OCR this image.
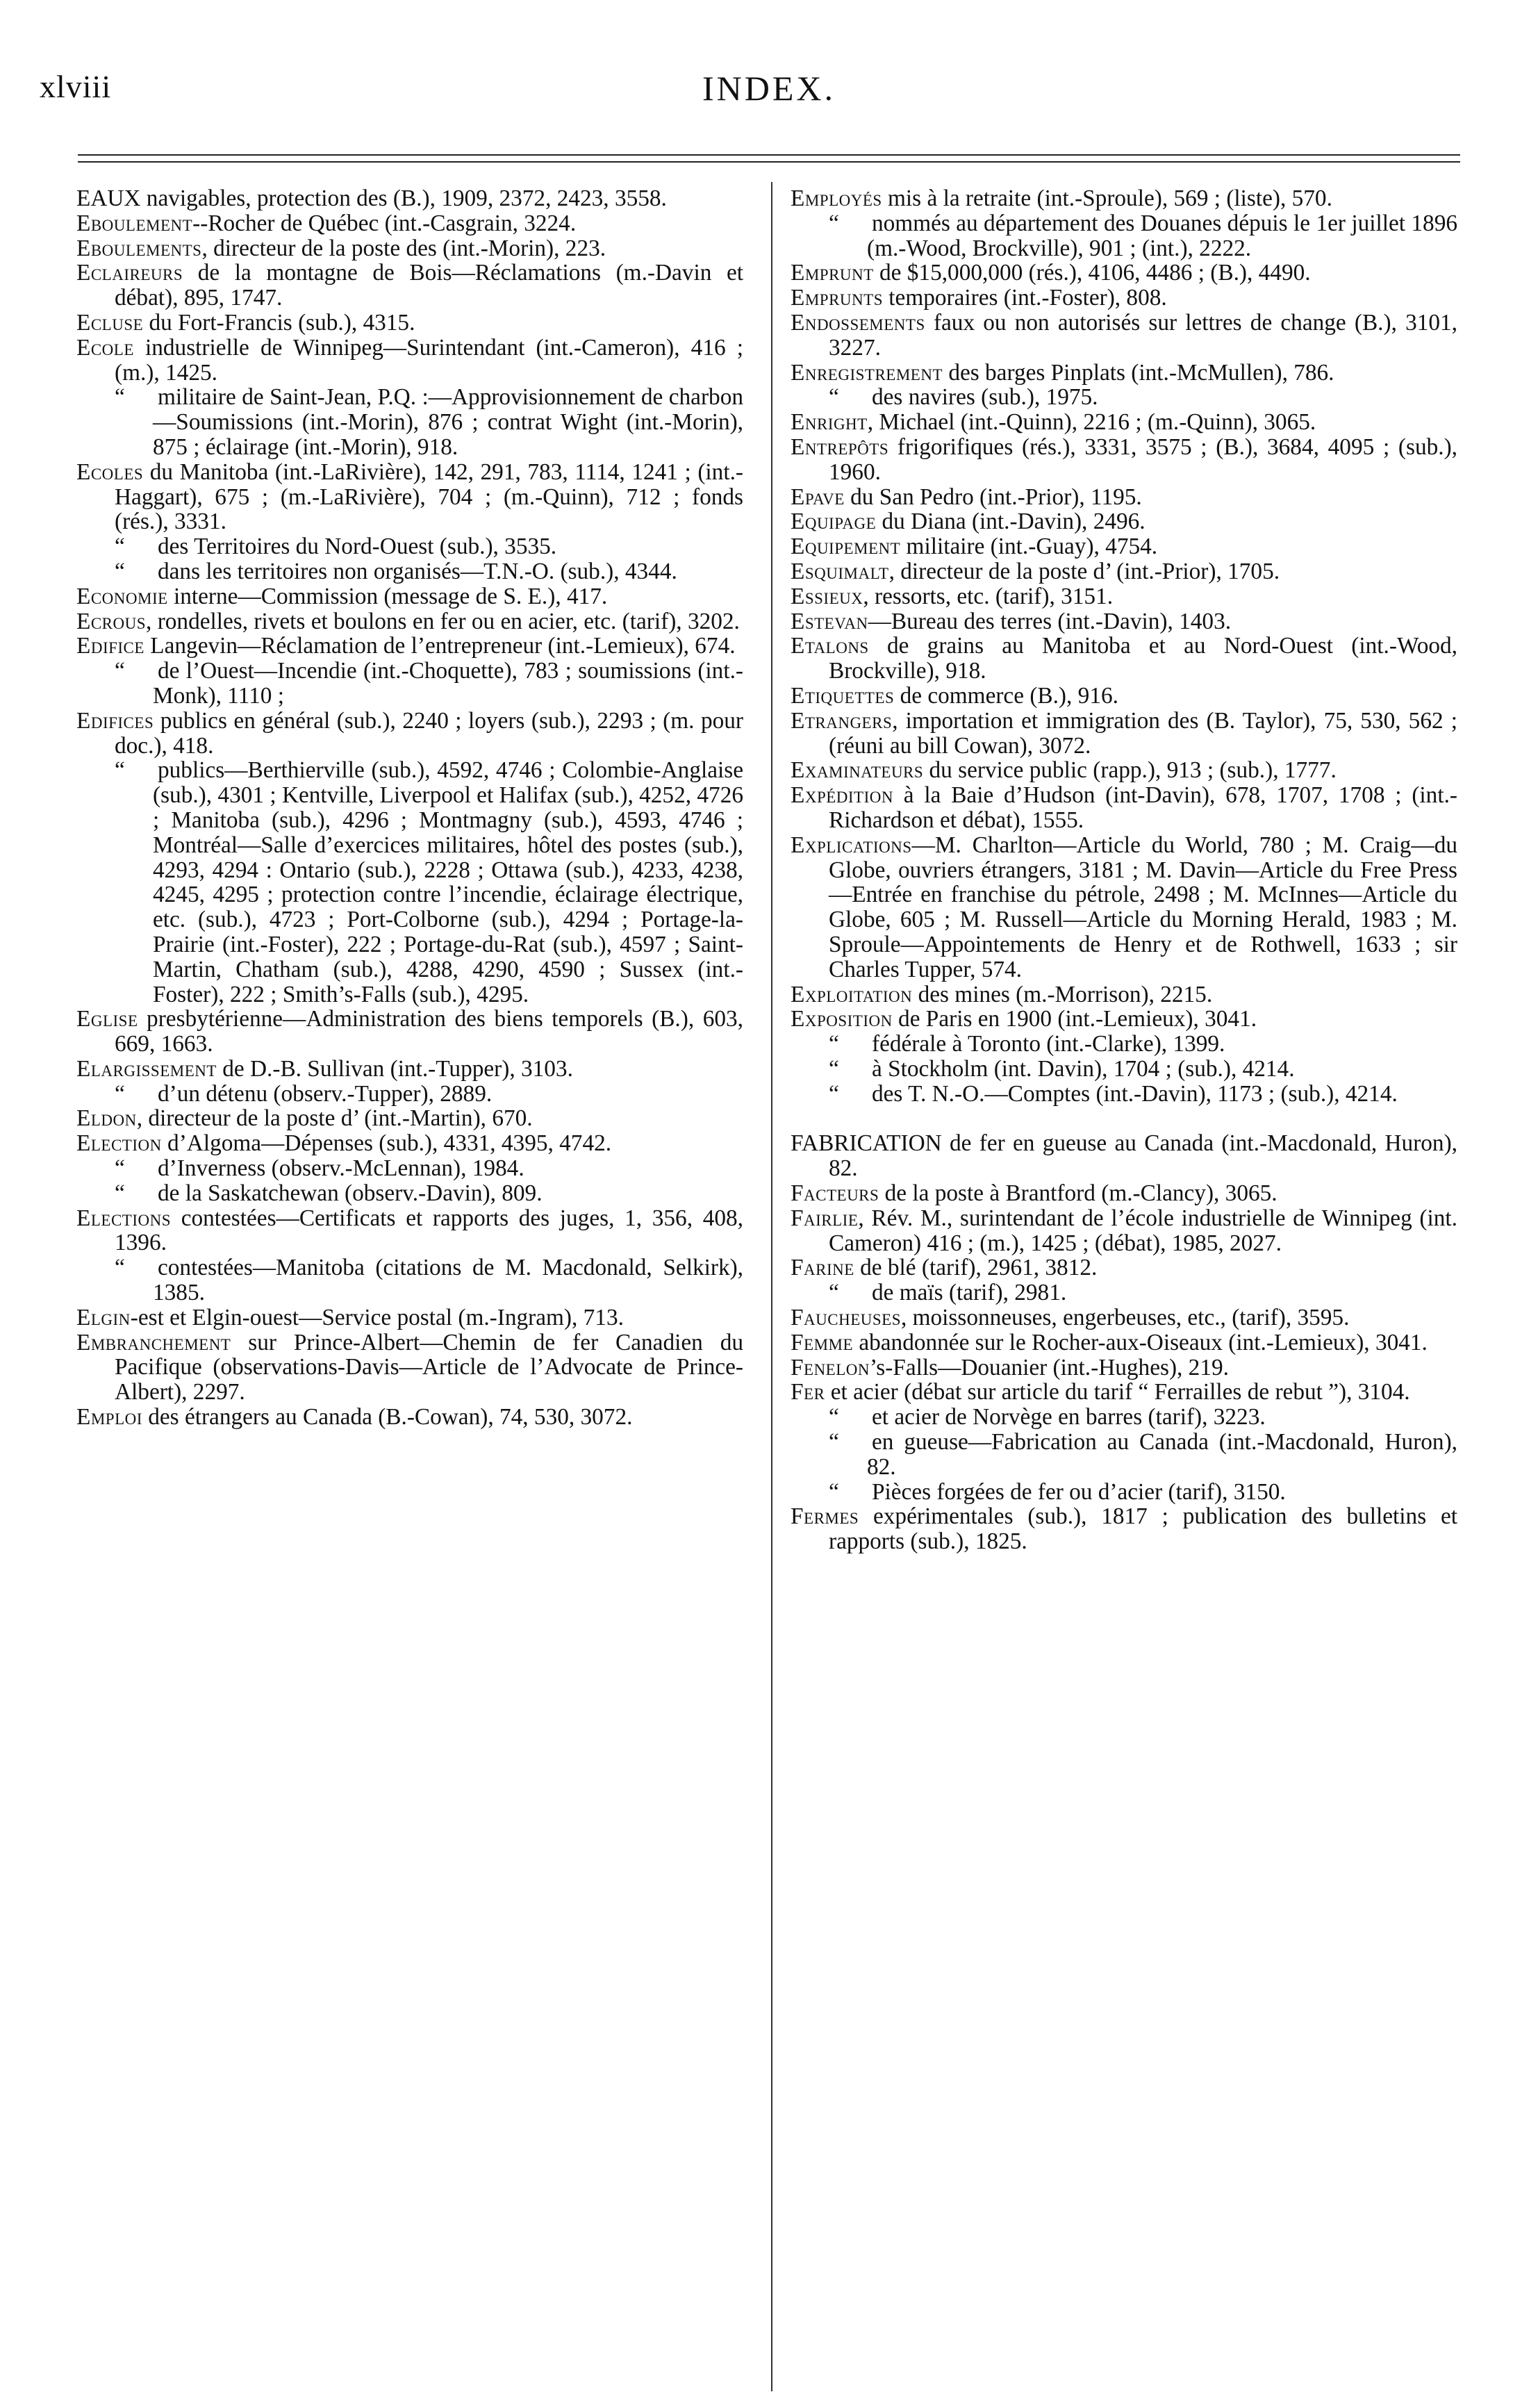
xlviii	INDEX.

EAUX navigables, protection des (B.), 1909, 2372, 2423, 3558.

Eboulement--Rocher de Québec (int.-Casgrain, 3224.

Eboulements, directeur de la poste des (int.-Morin), 223.

Eclaireurs de la montagne de Bois—Réclamations (m.-Davin et débat), 895, 1747.

Ecluse du Fort-Francis (sub.), 4315.

Ecole industrielle de Winnipeg—Surintendant (int.-Cameron), 416 ; (m.), 1425.

“ militaire de Saint-Jean, P.Q. :—Approvisionnement de charbon—Soumissions (int.-Morin), 876 ; contrat Wight (int.-Morin), 875 ; éclairage (int.-Morin), 918.

Ecoles du Manitoba (int.-LaRivière), 142, 291, 783, 1114, 1241 ; (int.-Haggart), 675 ; (m.-LaRivière), 704 ; (m.-Quinn), 712 ; fonds (rés.), 3331.

“ des Territoires du Nord-Ouest (sub.), 3535.

“ dans les territoires non organisés—T.N.-O. (sub.), 4344.

Economie interne—Commission (message de S. E.), 417.

Ecrous, rondelles, rivets et boulons en fer ou en acier, etc. (tarif), 3202.

Edifice Langevin—Réclamation de l’entrepreneur (int.-Lemieux), 674.

“ de l’Ouest—Incendie (int.-Choquette), 783 ; soumissions (int.-Monk), 1110 ;

Edifices publics en général (sub.), 2240 ; loyers (sub.), 2293 ; (m. pour doc.), 418.

“ publics—Berthierville (sub.), 4592, 4746 ; Colombie-Anglaise (sub.), 4301 ; Kentville, Liverpool et Halifax (sub.), 4252, 4726 ; Manitoba (sub.), 4296 ; Montmagny (sub.), 4593, 4746 ; Montréal—Salle d’exercices militaires, hôtel des postes (sub.), 4293, 4294 : Ontario (sub.), 2228 ; Ottawa (sub.), 4233, 4238, 4245, 4295 ; protection contre l’incendie, éclairage électrique, etc. (sub.), 4723 ; Port-Colborne (sub.), 4294 ; Portage-la-Prairie (int.-Foster), 222 ; Portage-du-Rat (sub.), 4597 ; Saint-Martin, Chatham (sub.), 4288, 4290, 4590 ; Sussex (int.-Foster), 222 ; Smith’s-Falls (sub.), 4295.

Eglise presbytérienne—Administration des biens temporels (B.), 603, 669, 1663.

Elargissement de D.-B. Sullivan (int.-Tupper), 3103.

“ d’un détenu (observ.-Tupper), 2889.

Eldon, directeur de la poste d’ (int.-Martin), 670.

Election d’Algoma—Dépenses (sub.), 4331, 4395, 4742.

“ d’Inverness (observ.-McLennan), 1984.

“ de la Saskatchewan (observ.-Davin), 809.

Elections contestées—Certificats et rapports des juges, 1, 356, 408, 1396.

“ contestées—Manitoba (citations de M. Macdonald, Selkirk), 1385.

Elgin-est et Elgin-ouest—Service postal (m.-Ingram), 713.

Embranchement sur Prince-Albert—Chemin de fer Canadien du Pacifique (observations-Davis—Article de l’Advocate de Prince-Albert), 2297.

Emploi des étrangers au Canada (B.-Cowan), 74, 530, 3072.

Employés mis à la retraite (int.-Sproule), 569 ; (liste), 570.

“ nommés au département des Douanes dépuis le 1er juillet 1896 (m.-Wood, Brockville), 901 ; (int.), 2222.

Emprunt de $15,000,000 (rés.), 4106, 4486 ; (B.), 4490.

Emprunts temporaires (int.-Foster), 808.

Endossements faux ou non autorisés sur lettres de change (B.), 3101, 3227.

Enregistrement des barges Pinplats (int.-McMullen), 786.

“ des navires (sub.), 1975.

Enright, Michael (int.-Quinn), 2216 ; (m.-Quinn), 3065.

Entrepôts frigorifiques (rés.), 3331, 3575 ; (B.), 3684, 4095 ; (sub.), 1960.

Epave du San Pedro (int.-Prior), 1195.

Equipage du Diana (int.-Davin), 2496.

Equipement militaire (int.-Guay), 4754.

Esquimalt, directeur de la poste d’ (int.-Prior), 1705.

Essieux, ressorts, etc. (tarif), 3151.

Estevan—Bureau des terres (int.-Davin), 1403.

Etalons de grains au Manitoba et au Nord-Ouest (int.-Wood, Brockville), 918.

Etiquettes de commerce (B.), 916.

Etrangers, importation et immigration des (B. Taylor), 75, 530, 562 ; (réuni au bill Cowan), 3072.

Examinateurs du service public (rapp.), 913 ; (sub.), 1777.

Expédition à la Baie d’Hudson (int-Davin), 678, 1707, 1708 ; (int.-Richardson et débat), 1555.

Explications—M. Charlton—Article du World, 780 ; M. Craig—du Globe, ouvriers étrangers, 3181 ; M. Davin—Article du Free Press—Entrée en franchise du pétrole, 2498 ; M. McInnes—Article du Globe, 605 ; M. Russell—Article du Morning Herald, 1983 ; M. Sproule—Appointements de Henry et de Rothwell, 1633 ; sir Charles Tupper, 574.

Exploitation des mines (m.-Morrison), 2215.

Exposition de Paris en 1900 (int.-Lemieux), 3041.

“ fédérale à Toronto (int.-Clarke), 1399.

“ à Stockholm (int. Davin), 1704 ; (sub.), 4214.

“ des T. N.-O.—Comptes (int.-Davin), 1173 ; (sub.), 4214.

FABRICATION de fer en gueuse au Canada (int.-Macdonald, Huron), 82.

Facteurs de la poste à Brantford (m.-Clancy), 3065.

Fairlie, Rév. M., surintendant de l’école industrielle de Winnipeg (int. Cameron) 416 ; (m.), 1425 ; (débat), 1985, 2027.

Farine de blé (tarif), 2961, 3812.

“ de maïs (tarif), 2981.

Faucheuses, moissonneuses, engerbeuses, etc., (tarif), 3595.

Femme abandonnée sur le Rocher-aux-Oiseaux (int.-Lemieux), 3041.

Fenelon’s-Falls—Douanier (int.-Hughes), 219.

Fer et acier (débat sur article du tarif “ Ferrailles de rebut ”), 3104.

“ et acier de Norvège en barres (tarif), 3223.

“ en gueuse—Fabrication au Canada (int.-Macdonald, Huron), 82.

“ Pièces forgées de fer ou d’acier (tarif), 3150.

Fermes expérimentales (sub.), 1817 ; publication des bulletins et rapports (sub.), 1825.
